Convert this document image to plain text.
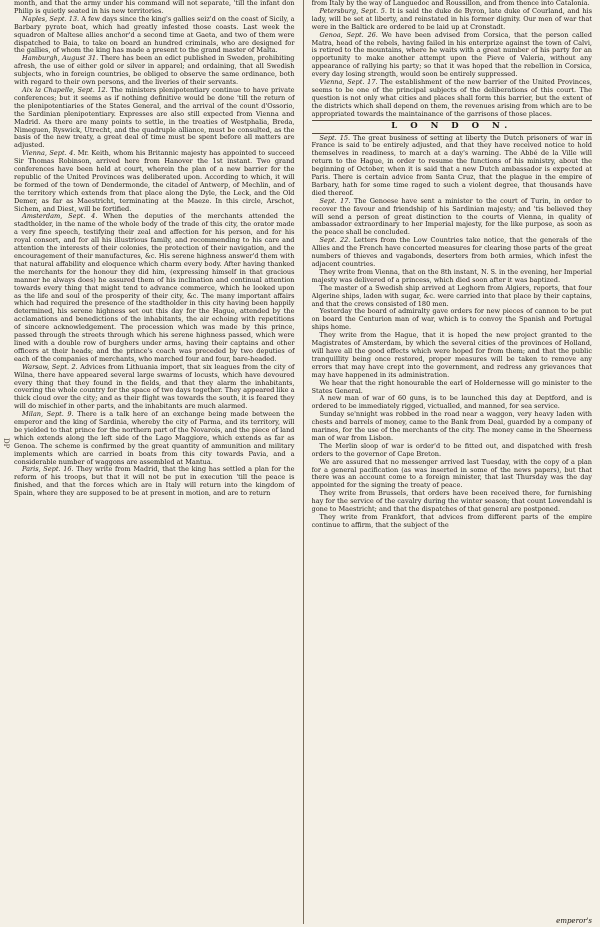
DP

month, and that the army under his command will not separate, 'till the infant don Philip is quietly seated in his new territories.

Naples, Sept. 13. A few days since the king's gallies seiz'd on the coast of Sicily, a Barbary pyrate boat, which had greatly infested those coasts. Last week the squadron of Maltese allies anchor'd a second time at Gaeta, and two of them were dispatched to Baia, to take on board an hundred criminals, who are designed for the gallies, of whom the king has made a present to the grand master of Malta.

Hamburgh, August 31. There has been an edict published in Sweden, prohibiting afresh, the use of either gold or silver in apparel; and ordaining, that all Swedish subjects, who in foreign countries, be obliged to observe the same ordinance, both with regard to their own persons, and the liveries of their servants.

Aix la Chapelle, Sept. 12. The ministers plenipotentiary continue to have private conferences; but it seems as if nothing definitive would be done 'till the return of the plenipotentiaries of the States General, and the arrival of the count d'Ossorio, the Sardinian plenipotentiary. Expresses are also still expected from Vienna and Madrid. As there are many points to settle, in the treaties of Westphalia, Breda, Nimeguen, Ryswick, Utrecht, and the quadruple alliance, must be consulted, as the basis of the new treaty, a great deal of time must be spent before all matters are adjusted.

Vienna, Sept. 4. Mr. Keith, whom his Britannic majesty has appointed to succeed Sir Thomas Robinson, arrived here from Hanover the 1st instant. Two grand conferences have been held at court, wherein the plan of a new barrier for the republic of the United Provinces was deliberated upon. According to which, it will be formed of the town of Dendermonde, the citadel of Antwerp, of Mechlin, and of the territory which extends from that place along the Dyle, the Leck, and the Old Demer, as far as Maestricht, terminating at the Maeze. In this circle, Arschot, Sichem, and Diest, will be fortified.

Amsterdam, Sept. 4. When the deputies of the merchants attended the stadtholder, in the name of the whole body of the trade of this city, the orator made a very fine speech, testifying their zeal and affection for his person, and for his royal consort, and for all his illustrious family, and recommending to his care and attention the interests of their colonies, the protection of their navigation, and the encouragement of their manufactures, &c. His serene highness answer'd them with that natural affability and eloquence which charm every body. After having thanked the merchants for the honour they did him, (expressing himself in that gracious manner he always does) he assured them of his inclination and continual attention towards every thing that might tend to advance commerce, which he looked upon as the life and soul of the prosperity of their city, &c. The many important affairs which had required the presence of the stadtholder in this city having been happily determined, his serene highness set out this day for the Hague, attended by the acclamations and benedictions of the inhabitants, the air echoing with repetitions of sincere acknowledgement. The procession which was made by this prince, passed through the streets through which his serene highness passed, which were lined with a double row of burghers under arms, having their captains and other officers at their heads; and the prince's coach was preceded by two deputies of each of the companies of merchants, who marched four and four, bare-headed.

Warsaw, Sept. 2. Advices from Lithuania import, that six leagues from the city of Wilna, there have appeared several large swarms of locusts, which have devoured every thing that they found in the fields, and that they alarm the inhabitants, covering the whole country for the space of two days together. They appeared like a thick cloud over the city; and as their flight was towards the south, it is feared they will do mischief in other parts, and the inhabitants are much alarmed.

Milan, Sept. 9. There is a talk here of an exchange being made between the emperor and the king of Sardinia, whereby the city of Parma, and its territory, will be yielded to that prince for the northern part of the Novarois, and the piece of land which extends along the left side of the Lago Maggiore, which extends as far as Genoa. The scheme is confirmed by the great quantity of ammunition and military implements which are carried in boats from this city towards Pavia, and a considerable number of waggons are assembled at Mantua.

Paris, Sept. 16. They write from Madrid, that the king has settled a plan for the reform of his troops, but that it will not be put in execution 'till the peace is finished, and that the forces which are in Italy will return into the kingdom of Spain, where they are supposed to be at present in motion, and are to return

from Italy by the way of Languedoc and Roussillon, and from thence into Catalonia.

Petersburg, Sept. 5. It is said the duke de Byron, late duke of Courland, and his lady, will be set at liberty, and reinstated in his former dignity. Our men of war that were in the Baltick are ordered to be laid up at Cronstadt.

Genoa, Sept. 26. We have been advised from Corsica, that the person called Matra, head of the rebels, having failed in his enterprize against the town of Calvi, is retired to the mountains, where he waits with a great number of his party for an opportunity to make another attempt upon the Pieve of Valeria, without any appearance of rallying his party; so that it was hoped that the rebellion in Corsica, every day losing strength, would soon be entirely suppressed.

Vienna, Sept. 17. The establishment of the new barrier of the United Provinces, seems to be one of the principal subjects of the deliberations of this court. The question is not only what cities and places shall form this barrier, but the extent of the districts which shall depend on them, the revenues arising from which are to be appropriated towards the maintainance of the garrisons of those places.

L O N D O N.

Sept. 15. The great business of setting at liberty the Dutch prisoners of war in France is said to be entirely adjusted, and that they have received notice to hold themselves in readiness, to march at a day's warning. The Abbé de la Ville will return to the Hague, in order to resume the functions of his ministry, about the beginning of October, when it is said that a new Dutch ambassador is expected at Paris. There is certain advice from Santa Cruz, that the plague in the empire of Barbary, hath for some time raged to such a violent degree, that thousands have died thereof.

Sept. 17. The Genoese have sent a minister to the court of Turin, in order to recover the favour and friendship of his Sardinian majesty; and 'tis believed they will send a person of great distinction to the courts of Vienna, in quality of ambassador extraordinary to her Imperial majesty, for the like purpose, as soon as the peace shall be concluded.

Sept. 22. Letters from the Low Countries take notice, that the generals of the Allies and the French have concerted measures for clearing those parts of the great numbers of thieves and vagabonds, deserters from both armies, which infest the adjacent countries.

They write from Vienna, that on the 8th instant, N. S. in the evening, her Imperial majesty was delivered of a princess, which died soon after it was baptized.

The master of a Swedish ship arrived at Leghorn from Algiers, reports, that four Algerine ships, laden with sugar, &c. were carried into that place by their captains, and that the crews consisted of 180 men.

Yesterday the board of admiralty gave orders for new pieces of cannon to be put on board the Centurion man of war, which is to convoy the Spanish and Portugal ships home.

They write from the Hague, that it is hoped the new project granted to the Magistrates of Amsterdam, by which the several cities of the provinces of Holland, will have all the good effects which were hoped for from them; and that the public tranquillity being once restored, proper measures will be taken to remove any errors that may have crept into the government, and redress any grievances that may have happened in its administration.

We hear that the right honourable the earl of Holdernesse will go minister to the States General.

A new man of war of 60 guns, is to be launched this day at Deptford, and is ordered to be immediately rigged, victualled, and manned, for sea service.

Sunday se'nnight was robbed in the road near a waggon, very heavy laden with chests and barrels of money, came to the Bank from Deal, guarded by a company of marines, for the use of the merchants of the city. The money came in the Sheerness man of war from Lisbon.

The Merlin sloop of war is order'd to be fitted out, and dispatched with fresh orders to the governor of Cape Breton.

We are assured that no messenger arrived last Tuesday, with the copy of a plan for a general pacification (as was inserted in some of the news papers), but that there was an account come to a foreign minister, that last Thursday was the day appointed for the signing the treaty of peace.

They write from Brussels, that orders have been received there, for furnishing hay for the service of the cavalry during the winter season; that count Lowendahl is gone to Maestricht; and that the dispatches of that general are postponed.

They write from Frankfort, that advices from different parts of the empire continue to affirm, that the subject of the

emperor's
